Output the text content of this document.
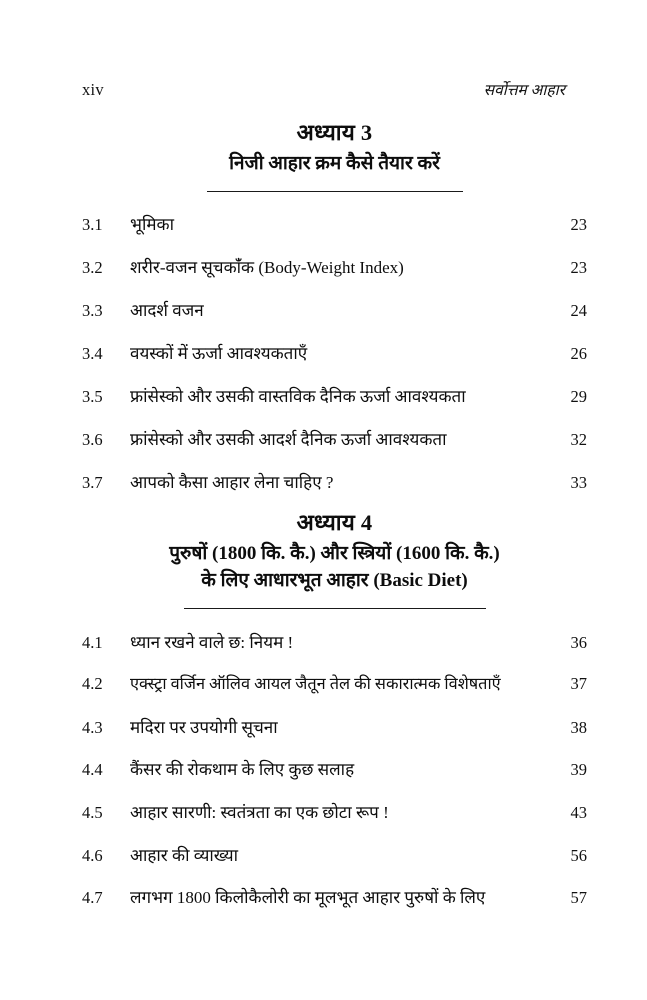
xiv	सर्वोत्तम आहार
अध्याय 3
निजी आहार क्रम कैसे तैयार करें
3.1	भूमिका	23
3.2	शरीर-वजन सूचकांँक (Body-Weight Index)	23
3.3	आदर्श वजन	24
3.4	वयस्कों में ऊर्जा आवश्यकताएँ	26
3.5	फ्रांसेस्को और उसकी वास्तविक दैनिक ऊर्जा आवश्यकता	29
3.6	फ्रांसेस्को और उसकी आदर्श दैनिक ऊर्जा आवश्यकता	32
3.7	आपको कैसा आहार लेना चाहिए ?	33
अध्याय 4
पुरुषों (1800 कि. कै.) और स्त्रियों (1600 कि. कै.)
के लिए आधारभूत आहार (Basic Diet)
4.1	ध्यान रखने वाले छ: नियम !	36
4.2	एक्स्ट्रा वर्जिन ऑलिव आयल जैतून तेल की सकारात्मक विशेषताएँ	37
4.3	मदिरा पर उपयोगी सूचना	38
4.4	कैंसर की रोकथाम के लिए कुछ सलाह	39
4.5	आहार सारणी: स्वतंत्रता का एक छोटा रूप !	43
4.6	आहार की व्याख्या	56
4.7	लगभग 1800 किलोकैलोरी का मूलभूत आहार पुरुषों के लिए	57
